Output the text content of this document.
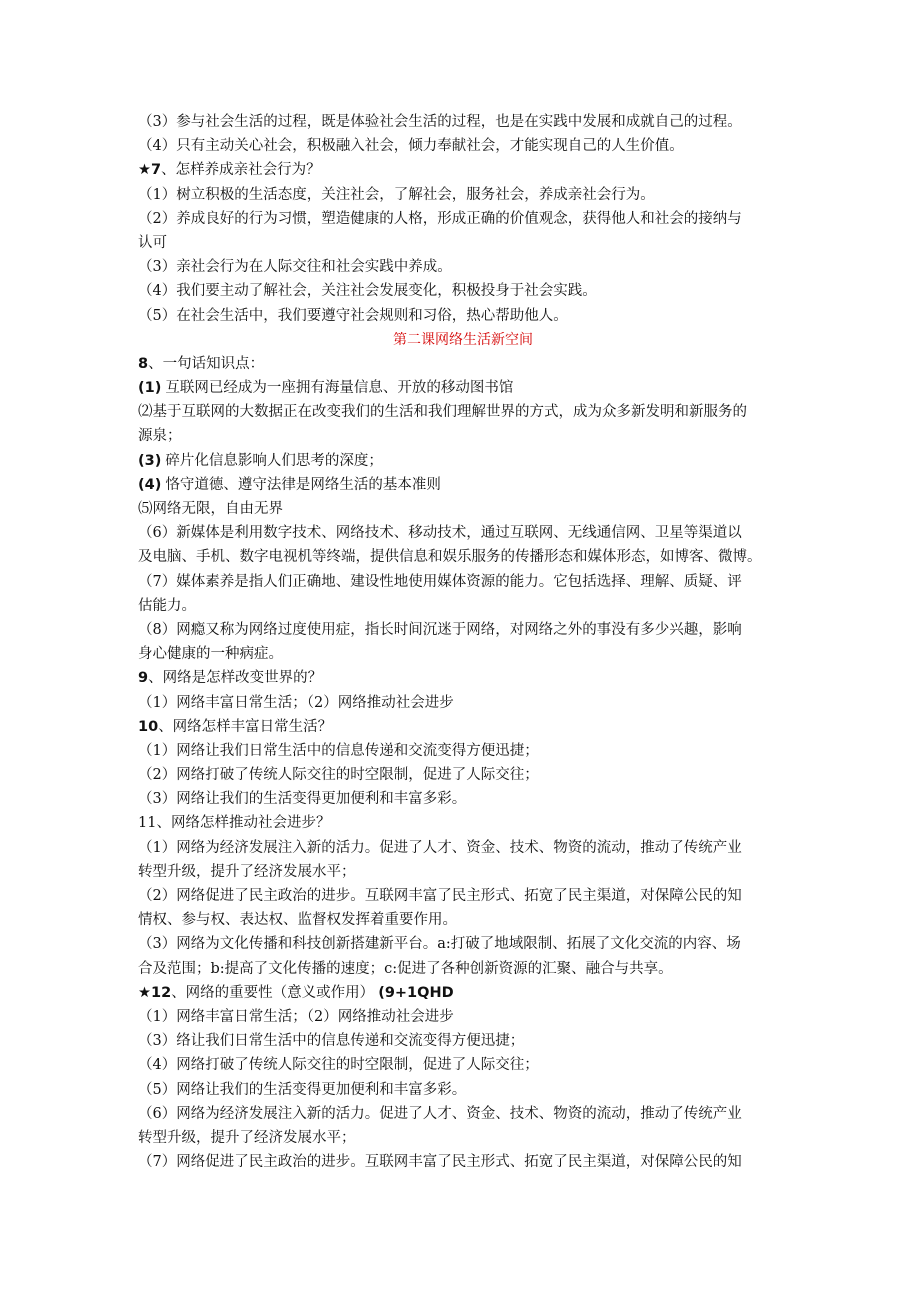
（3）参与社会生活的过程，既是体验社会生活的过程，也是在实践中发展和成就自己的过程。
（4）只有主动关心社会，积极融入社会，倾力奉献社会，才能实现自己的人生价值。
★7、怎样养成亲社会行为？
（1）树立积极的生活态度，关注社会，了解社会，服务社会，养成亲社会行为。
（2）养成良好的行为习惯，塑造健康的人格，形成正确的价值观念，获得他人和社会的接纳与
认可
（3）亲社会行为在人际交往和社会实践中养成。
（4）我们要主动了解社会，关注社会发展变化，积极投身于社会实践。
（5）在社会生活中，我们要遵守社会规则和习俗，热心帮助他人。
第二课网络生活新空间
8、一句话知识点：
(1) 互联网已经成为一座拥有海量信息、开放的移动图书馆
⑵基于互联网的大数据正在改变我们的生活和我们理解世界的方式，成为众多新发明和新服务的
源泉；
(3) 碎片化信息影响人们思考的深度；
(4) 恪守道德、遵守法律是网络生活的基本准则
⑸网络无限，自由无界
（6）新媒体是利用数字技术、网络技术、移动技术，通过互联网、无线通信网、卫星等渠道以
及电脑、手机、数字电视机等终端，提供信息和娱乐服务的传播形态和媒体形态，如博客、微博。
（7）媒体素养是指人们正确地、建设性地使用媒体资源的能力。它包括选择、理解、质疑、评
估能力。
（8）网瘾又称为网络过度使用症，指长时间沉迷于网络，对网络之外的事没有多少兴趣，影响
身心健康的一种病症。
9、网络是怎样改变世界的？
（1）网络丰富日常生活；（2）网络推动社会进步
10、网络怎样丰富日常生活？
（1）网络让我们日常生活中的信息传递和交流变得方便迅捷；
（2）网络打破了传统人际交往的时空限制，促进了人际交往；
（3）网络让我们的生活变得更加便利和丰富多彩。
11、网络怎样推动社会进步？
（1）网络为经济发展注入新的活力。促进了人才、资金、技术、物资的流动，推动了传统产业
转型升级，提升了经济发展水平；
（2）网络促进了民主政治的进步。互联网丰富了民主形式、拓宽了民主渠道，对保障公民的知
情权、参与权、表达权、监督权发挥着重要作用。
（3）网络为文化传播和科技创新搭建新平台。a:打破了地域限制、拓展了文化交流的内容、场
合及范围；b:提高了文化传播的速度；c:促进了各种创新资源的汇聚、融合与共享。
★12、网络的重要性（意义或作用） (9+1QHD
（1）网络丰富日常生活；（2）网络推动社会进步
（3）络让我们日常生活中的信息传递和交流变得方便迅捷；
（4）网络打破了传统人际交往的时空限制，促进了人际交往；
（5）网络让我们的生活变得更加便利和丰富多彩。
（6）网络为经济发展注入新的活力。促进了人才、资金、技术、物资的流动，推动了传统产业
转型升级，提升了经济发展水平；
（7）网络促进了民主政治的进步。互联网丰富了民主形式、拓宽了民主渠道，对保障公民的知
